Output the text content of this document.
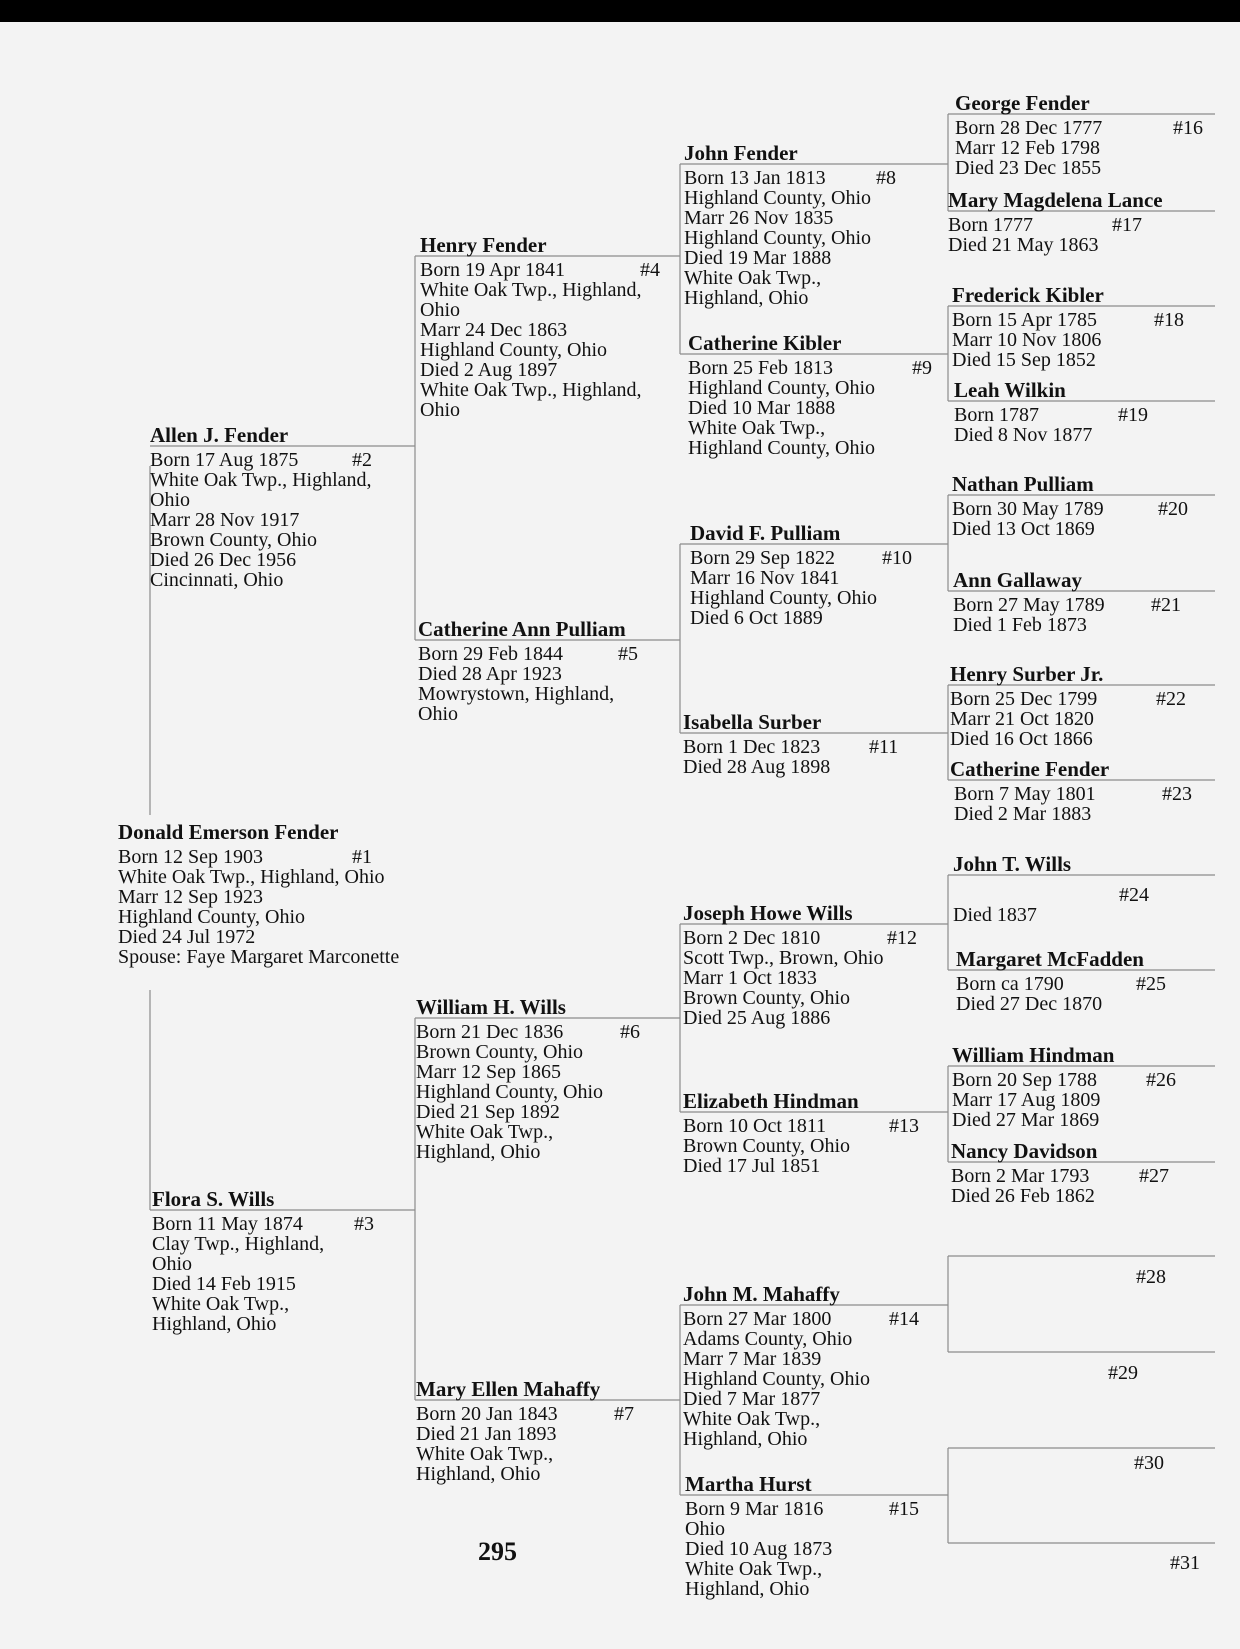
Donald Emerson Fender
#1
Born 12 Sep 1903
White Oak Twp., Highland, Ohio
Marr 12 Sep 1923
Highland County, Ohio
Died 24 Jul 1972
Spouse: Faye Margaret Marconette
Allen J. Fender
#2
Born 17 Aug 1875
White Oak Twp., Highland,
Ohio
Marr 28 Nov 1917
Brown County, Ohio
Died 26 Dec 1956
Cincinnati, Ohio
Flora S. Wills
#3
Born 11 May 1874
Clay Twp., Highland,
Ohio
Died 14 Feb 1915
White Oak Twp.,
Highland, Ohio
Henry Fender
#4
Born 19 Apr 1841
White Oak Twp., Highland,
Ohio
Marr 24 Dec 1863
Highland County, Ohio
Died 2 Aug 1897
White Oak Twp., Highland,
Ohio
Catherine Ann Pulliam
#5
Born 29 Feb 1844
Died 28 Apr 1923
Mowrystown, Highland,
Ohio
William H. Wills
#6
Born 21 Dec 1836
Brown County, Ohio
Marr 12 Sep 1865
Highland County, Ohio
Died 21 Sep 1892
White Oak Twp.,
Highland, Ohio
Mary Ellen Mahaffy
#7
Born 20 Jan 1843
Died 21 Jan 1893
White Oak Twp.,
Highland, Ohio
John Fender
#8
Born 13 Jan 1813
Highland County, Ohio
Marr 26 Nov 1835
Highland County, Ohio
Died 19 Mar 1888
White Oak Twp.,
Highland, Ohio
Catherine Kibler
#9
Born 25 Feb 1813
Highland County, Ohio
Died 10 Mar 1888
White Oak Twp.,
Highland County, Ohio
David F. Pulliam
#10
Born 29 Sep 1822
Marr 16 Nov 1841
Highland County, Ohio
Died 6 Oct 1889
Isabella Surber
#11
Born 1 Dec 1823
Died 28 Aug 1898
Joseph Howe Wills
#12
Born 2 Dec 1810
Scott Twp., Brown, Ohio
Marr 1 Oct 1833
Brown County, Ohio
Died 25 Aug 1886
Elizabeth Hindman
#13
Born 10 Oct 1811
Brown County, Ohio
Died 17 Jul 1851
John M. Mahaffy
#14
Born 27 Mar 1800
Adams County, Ohio
Marr 7 Mar 1839
Highland County, Ohio
Died 7 Mar 1877
White Oak Twp.,
Highland, Ohio
Martha Hurst
#15
Born 9 Mar 1816
Ohio
Died 10 Aug 1873
White Oak Twp.,
Highland, Ohio
George Fender
#16
Born 28 Dec 1777
Marr 12 Feb 1798
Died 23 Dec 1855
Mary Magdelena Lance
#17
Born 1777
Died 21 May 1863
Frederick Kibler
#18
Born 15 Apr 1785
Marr 10 Nov 1806
Died 15 Sep 1852
Leah Wilkin
#19
Born 1787
Died 8 Nov 1877
Nathan Pulliam
#20
Born 30 May 1789
Died 13 Oct 1869
Ann Gallaway
#21
Born 27 May 1789
Died 1 Feb 1873
Henry Surber Jr.
#22
Born 25 Dec 1799
Marr 21 Oct 1820
Died 16 Oct 1866
Catherine Fender
#23
Born 7 May 1801
Died 2 Mar 1883
John T. Wills
#24
Died 1837
Margaret McFadden
#25
Born ca 1790
Died 27 Dec 1870
William Hindman
#26
Born 20 Sep 1788
Marr 17 Aug 1809
Died 27 Mar 1869
Nancy Davidson
#27
Born 2 Mar 1793
Died 26 Feb 1862
#28
#29
#30
#31
295
